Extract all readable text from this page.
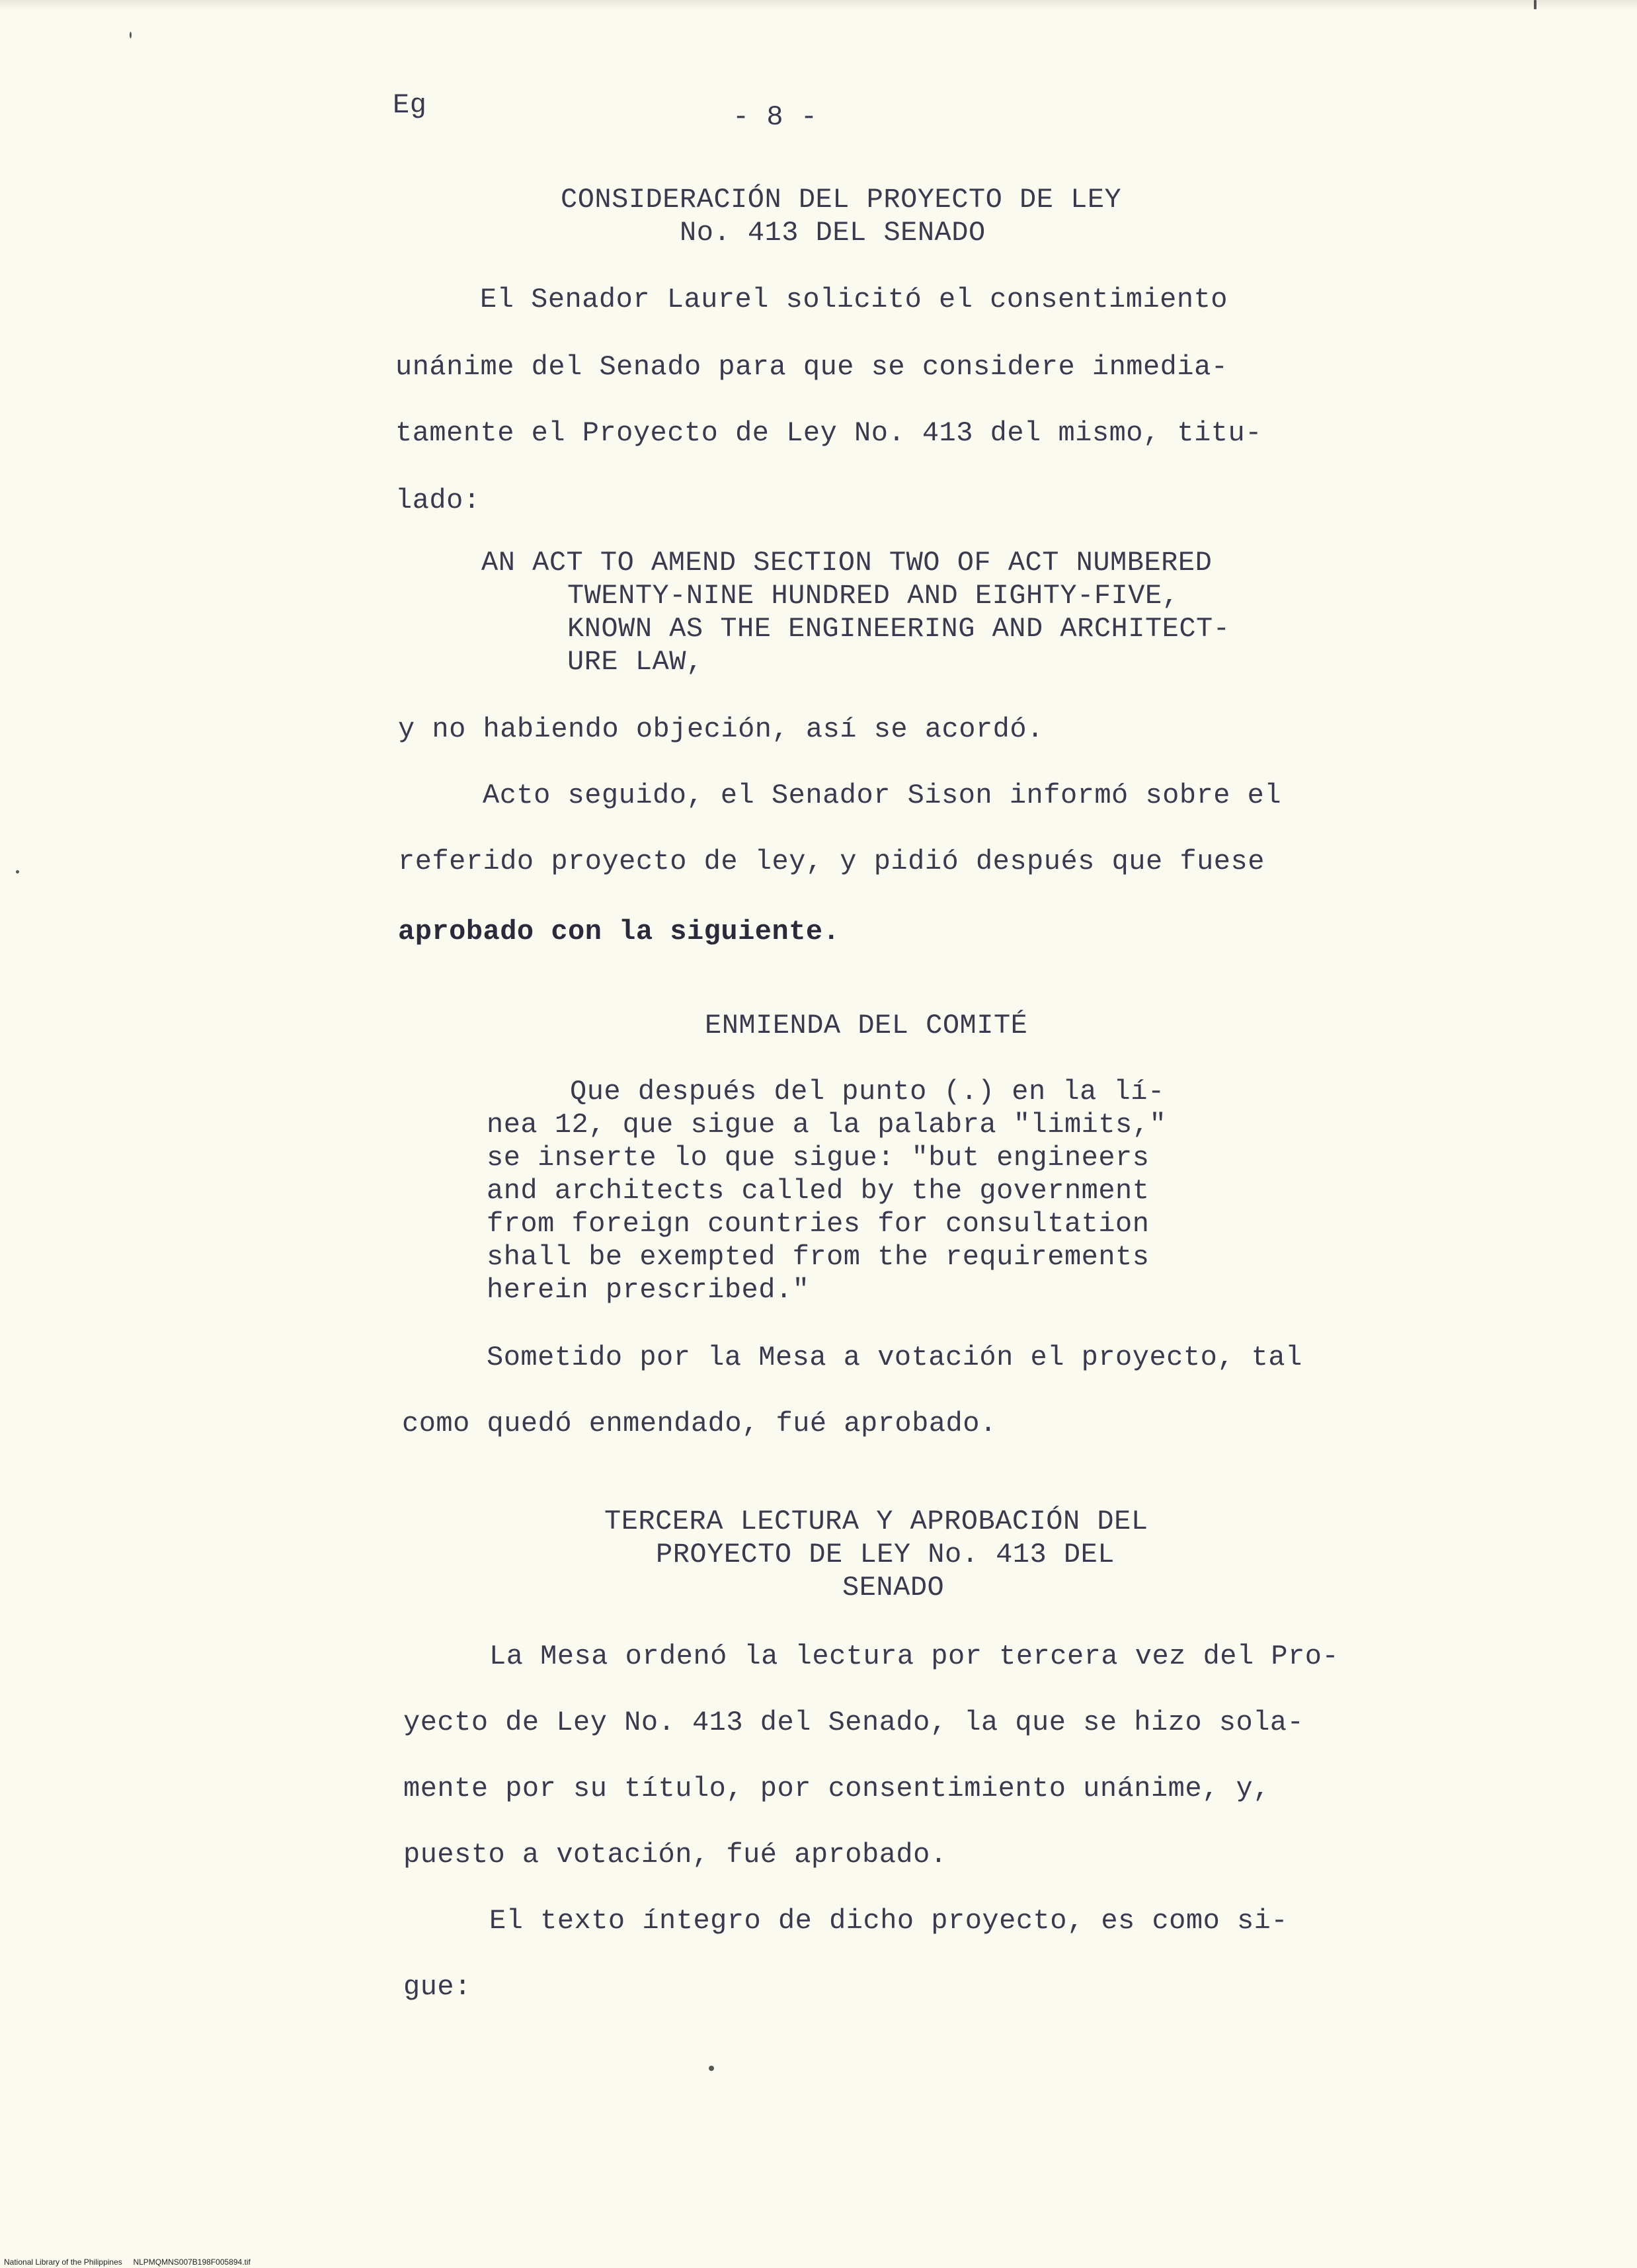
Eg	- 8 -
CONSIDERACIÓN DEL PROYECTO DE LEY
No. 413 DEL SENADO
El Senador Laurel solicitó el consentimiento
unánime del Senado para que se considere inmedia-
tamente el Proyecto de Ley No. 413 del mismo, titu-
lado:
AN ACT TO AMEND SECTION TWO OF ACT NUMBERED
TWENTY-NINE HUNDRED AND EIGHTY-FIVE,
KNOWN AS THE ENGINEERING AND ARCHITECT-
URE LAW,
y no habiendo objeción, así se acordó.
Acto seguido, el Senador Sison informó sobre el
referido proyecto de ley, y pidió después que fuese
aprobado con la siguiente.
ENMIENDA DEL COMITÉ
Que después del punto (.) en la lí-
nea 12, que sigue a la palabra "limits,"
se inserte lo que sigue: "but engineers
and architects called by the government
from foreign countries for consultation
shall be exempted from the requirements
herein prescribed."
Sometido por la Mesa a votación el proyecto, tal
como quedó enmendado, fué aprobado.
TERCERA LECTURA Y APROBACIÓN DEL
PROYECTO DE LEY No. 413 DEL
SENADO
La Mesa ordenó la lectura por tercera vez del Pro-
yecto de Ley No. 413 del Senado, la que se hizo sola-
mente por su título, por consentimiento unánime, y,
puesto a votación, fué aprobado.
El texto íntegro de dicho proyecto, es como si-
gue:
National Library of the Philippines     NLPMQMNS007B198F005894.tif
